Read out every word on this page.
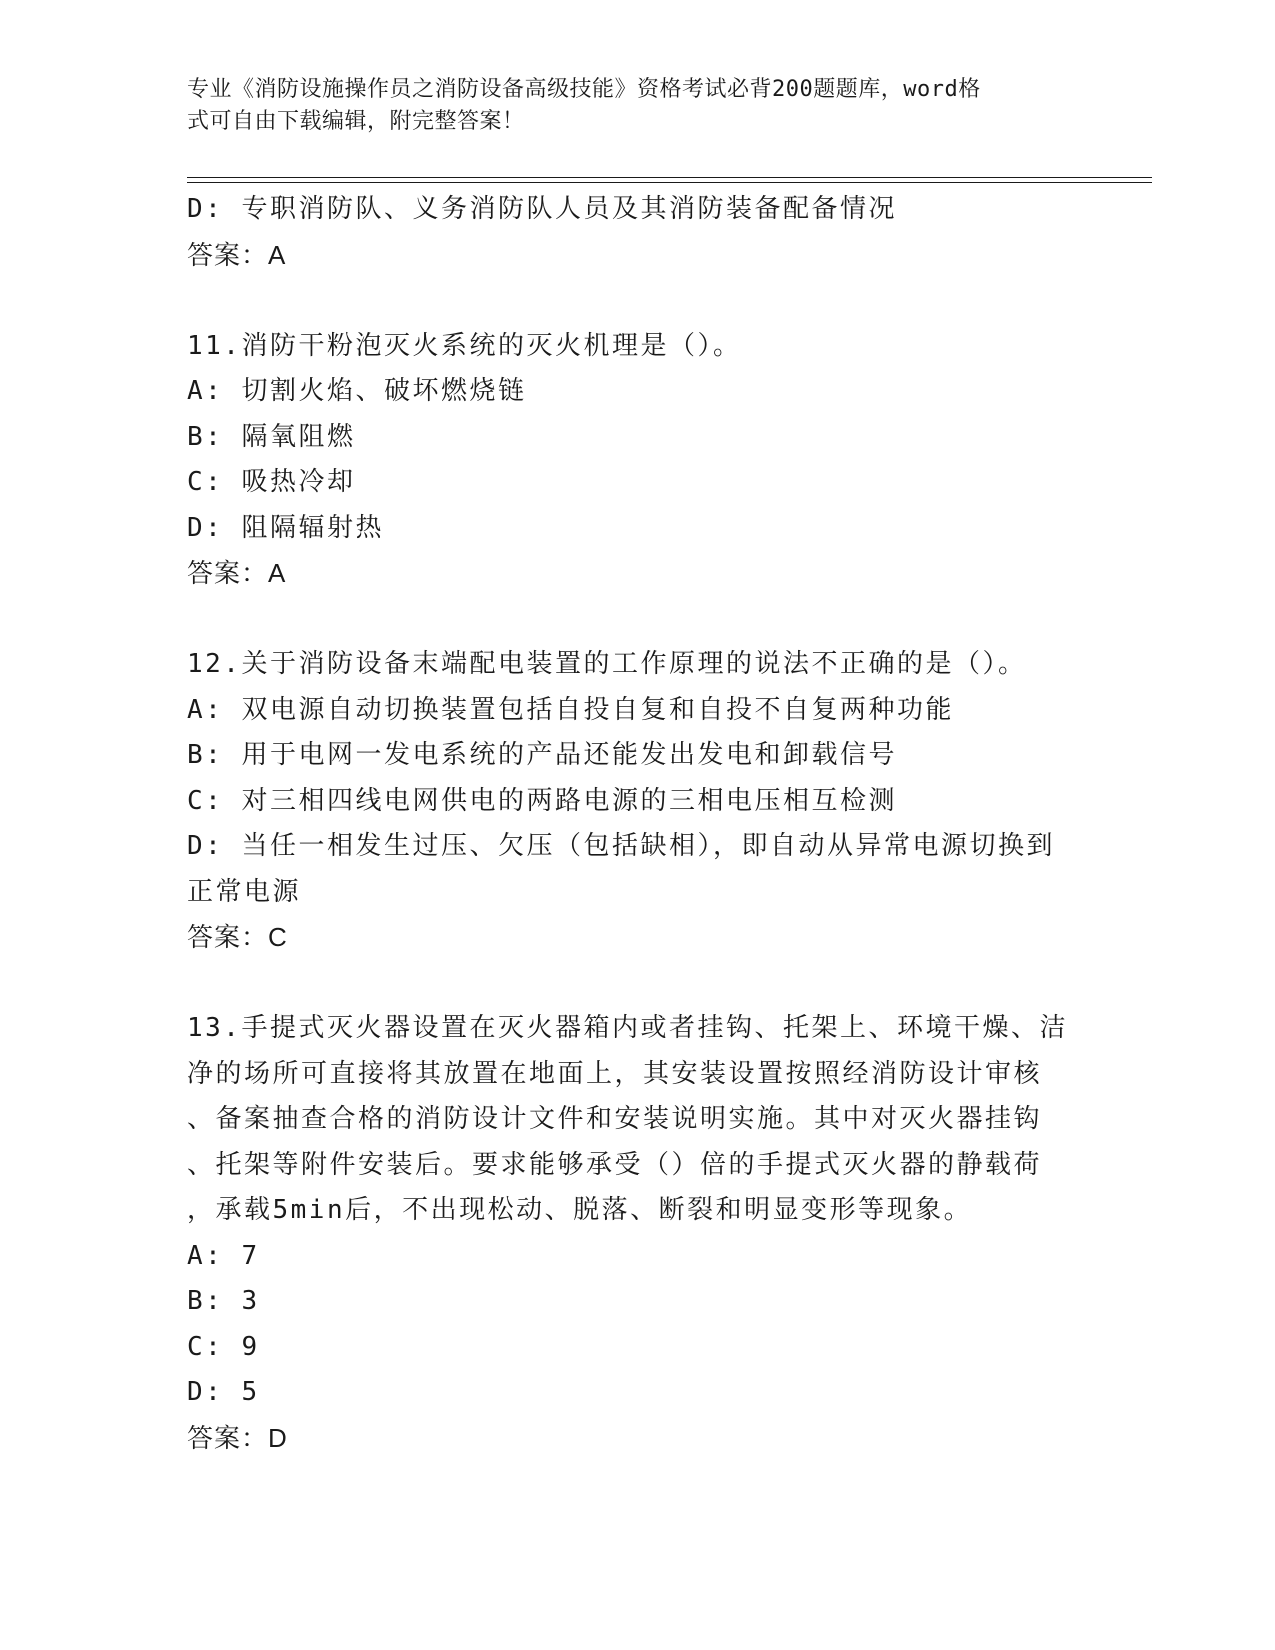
专业《消防设施操作员之消防设备高级技能》资格考试必背200题题库，word格
式可自由下载编辑，附完整答案！
D: 专职消防队、义务消防队人员及其消防装备配备情况
答案：A
11.消防干粉泡灭火系统的灭火机理是（）。
A: 切割火焰、破坏燃烧链
B: 隔氧阻燃
C: 吸热冷却
D: 阻隔辐射热
答案：A
12.关于消防设备末端配电装置的工作原理的说法不正确的是（）。
A: 双电源自动切换装置包括自投自复和自投不自复两种功能
B: 用于电网一发电系统的产品还能发出发电和卸载信号
C: 对三相四线电网供电的两路电源的三相电压相互检测
D: 当任一相发生过压、欠压（包括缺相），即自动从异常电源切换到
正常电源
答案：C
13.手提式灭火器设置在灭火器箱内或者挂钩、托架上、环境干燥、洁
净的场所可直接将其放置在地面上，其安装设置按照经消防设计审核
、备案抽查合格的消防设计文件和安装说明实施。其中对灭火器挂钩
、托架等附件安装后。要求能够承受（）倍的手提式灭火器的静载荷
，承载5min后，不出现松动、脱落、断裂和明显变形等现象。
A: 7
B: 3
C: 9
D: 5
答案：D
